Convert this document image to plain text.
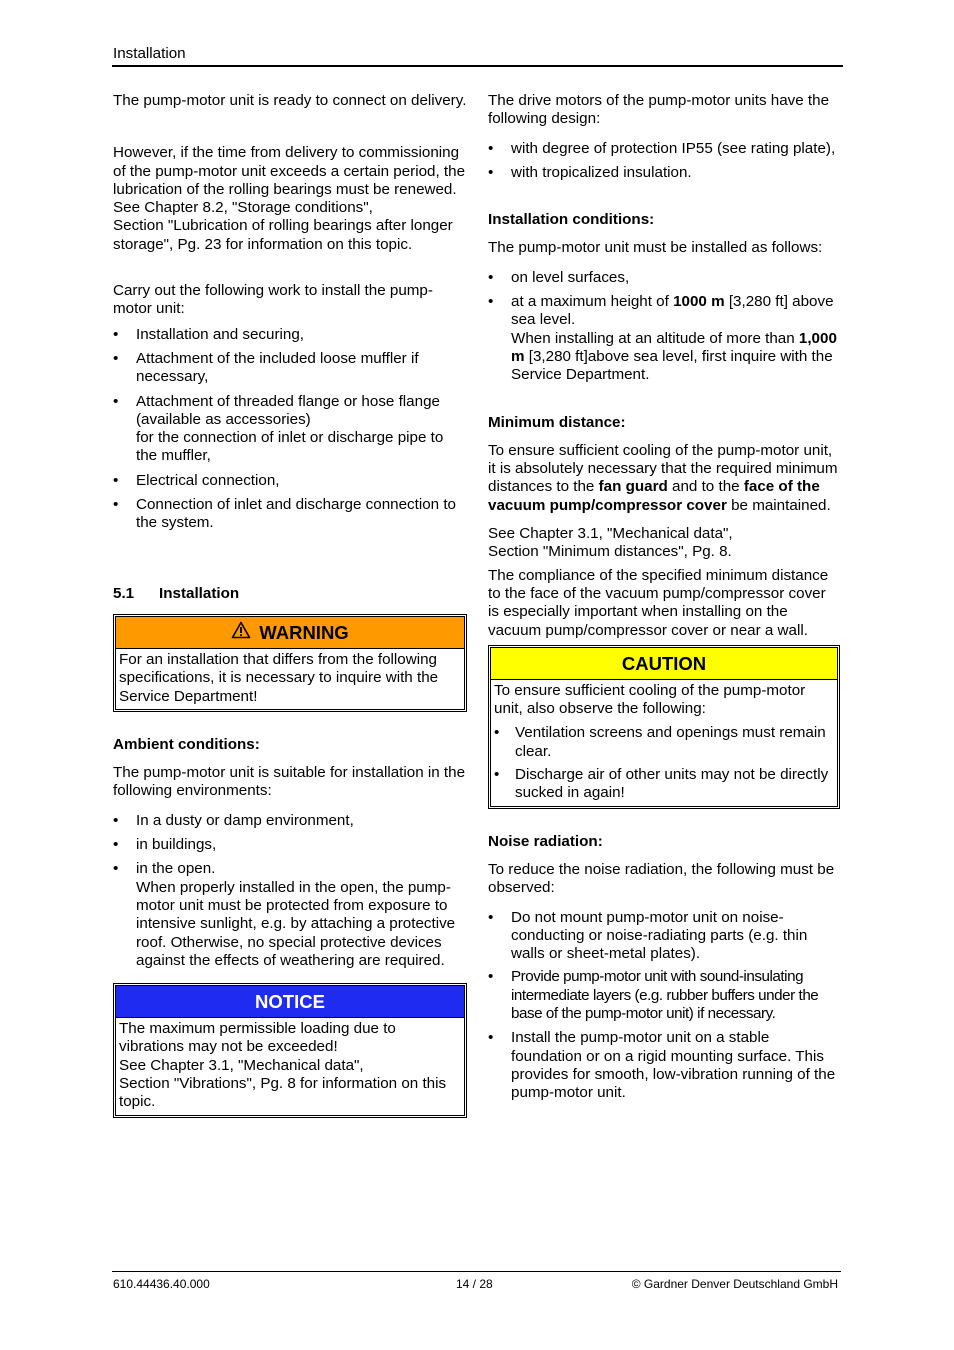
Installation

The pump-motor unit is ready to connect on delivery.

However, if the time from delivery to commissioning of the pump-motor unit exceeds a certain period, the lubrication of the rolling bearings must be renewed.

See Chapter 8.2, "Storage conditions",

Section "Lubrication of rolling bearings after longer storage", Pg. 23 for information on this topic.

Carry out the following work to install the pump-motor unit:

• Installation and securing,
• Attachment of the included loose muffler if necessary,
• Attachment of threaded flange or hose flange (available as accessories)
for the connection of inlet or discharge pipe to the muffler,
• Electrical connection,
• Connection of inlet and discharge connection to the system.
5.1 Installation
WARNING
For an installation that differs from the following specifications, it is necessary to inquire with the Service Department!

Ambient conditions:

The pump-motor unit is suitable for installation in the following environments:

• In a dusty or damp environment,
• in buildings,
• in the open.
When properly installed in the open, the pump-motor unit must be protected from exposure to intensive sunlight, e.g. by attaching a protective roof. Otherwise, no special protective devices against the effects of weathering are required.
NOTICE
The maximum permissible loading due to vibrations may not be exceeded!
See Chapter 3.1, "Mechanical data",
Section "Vibrations", Pg. 8 for information on this topic.

The drive motors of the pump-motor units have the following design:

• with degree of protection IP55 (see rating plate),
• with tropicalized insulation.

Installation conditions:

The pump-motor unit must be installed as follows:

• on level surfaces,
• at a maximum height of 1000 m [3,280 ft] above sea level.
When installing at an altitude of more than 1,000 m [3,280 ft]above sea level, first inquire with the Service Department.

Minimum distance:

To ensure sufficient cooling of the pump-motor unit, it is absolutely necessary that the required minimum distances to the fan guard and to the face of the vacuum pump/compressor cover be maintained.

See Chapter 3.1, "Mechanical data",

Section "Minimum distances", Pg. 8.

The compliance of the specified minimum distance to the face of the vacuum pump/compressor cover is especially important when installing on the vacuum pump/compressor cover or near a wall.

CAUTION
To ensure sufficient cooling of the pump-motor unit, also observe the following:
• Ventilation screens and openings must remain clear.
• Discharge air of other units may not be directly sucked in again!

Noise radiation:

To reduce the noise radiation, the following must be observed:

• Do not mount pump-motor unit on noise-conducting or noise-radiating parts (e.g. thin walls or sheet-metal plates).
• Provide pump-motor unit with sound-insulating intermediate layers (e.g. rubber buffers under the base of the pump-motor unit) if necessary.
• Install the pump-motor unit on a stable foundation or on a rigid mounting surface. This provides for smooth, low-vibration running of the pump-motor unit.
610.44436.40.000	14 / 28	© Gardner Denver Deutschland GmbH
